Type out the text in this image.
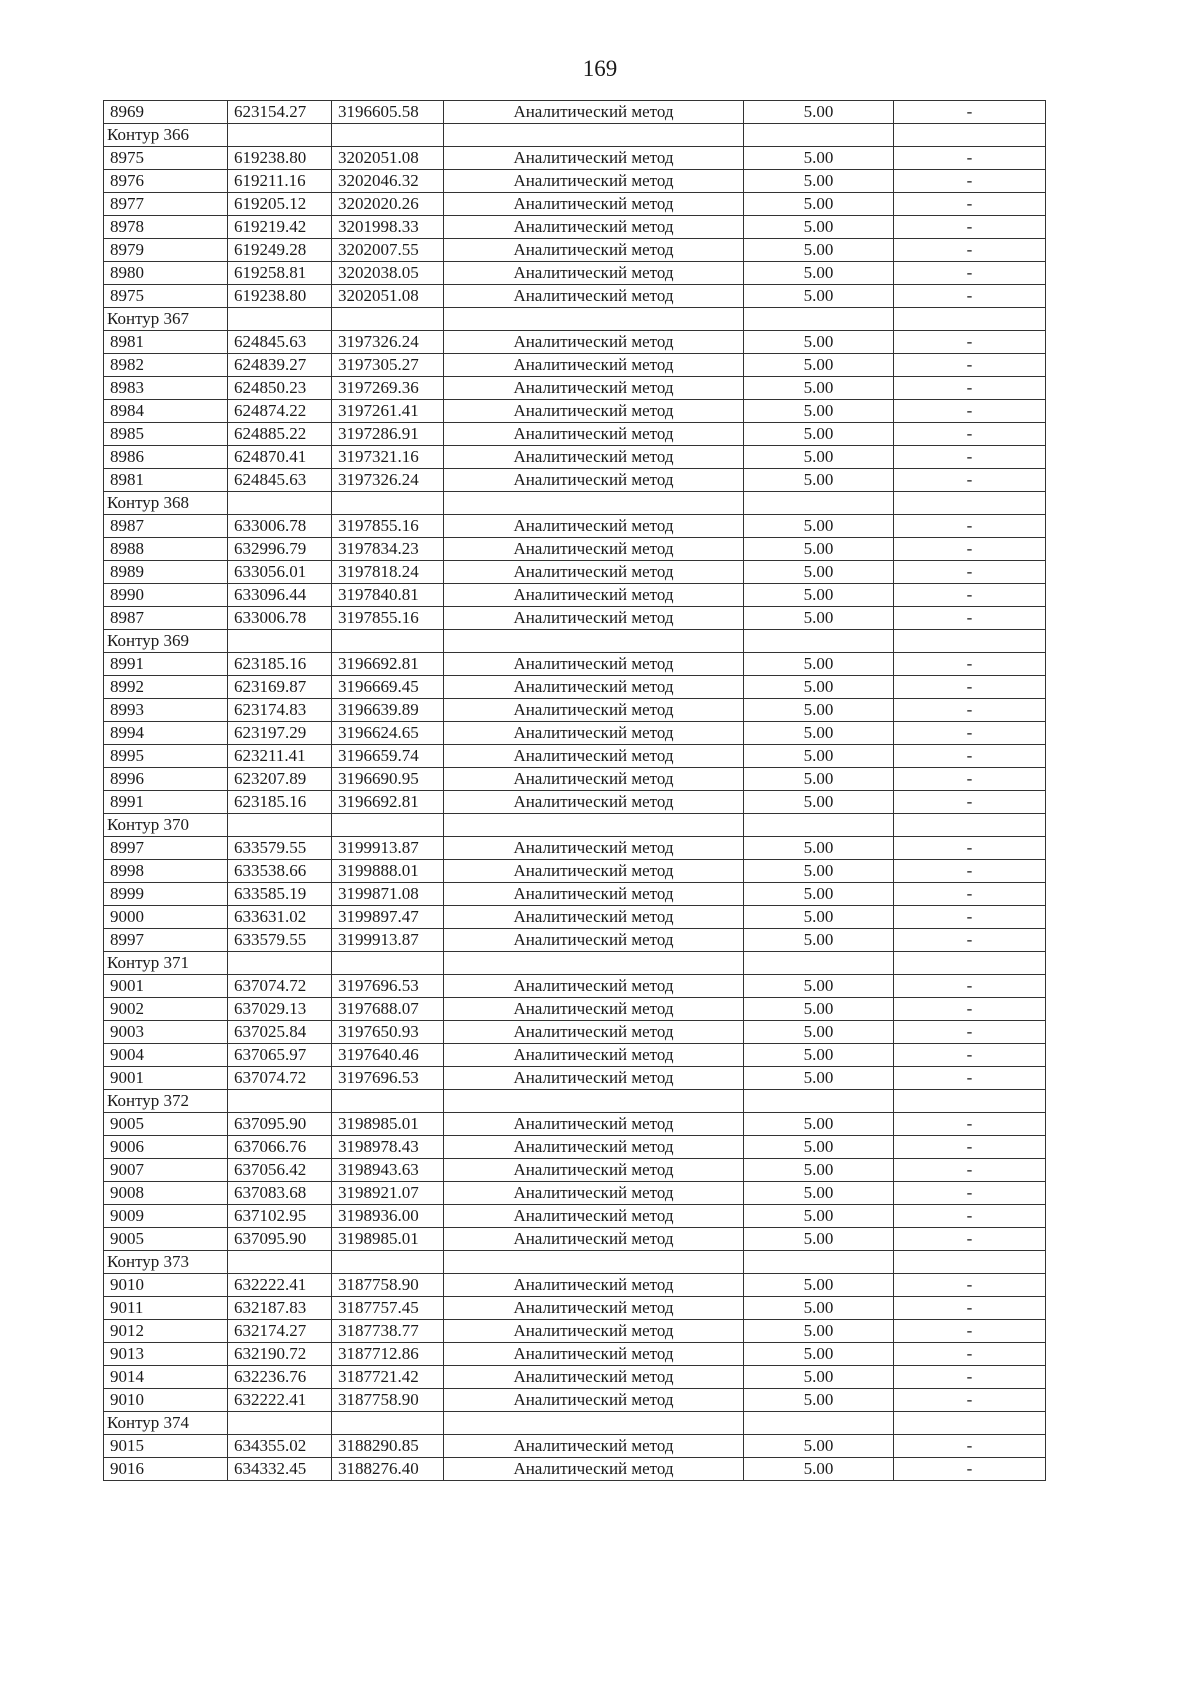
169
8969	623154.27	3196605.58	Аналитический метод	5.00	-
Контур 366					
8975	619238.80	3202051.08	Аналитический метод	5.00	-
8976	619211.16	3202046.32	Аналитический метод	5.00	-
8977	619205.12	3202020.26	Аналитический метод	5.00	-
8978	619219.42	3201998.33	Аналитический метод	5.00	-
8979	619249.28	3202007.55	Аналитический метод	5.00	-
8980	619258.81	3202038.05	Аналитический метод	5.00	-
8975	619238.80	3202051.08	Аналитический метод	5.00	-
Контур 367					
8981	624845.63	3197326.24	Аналитический метод	5.00	-
8982	624839.27	3197305.27	Аналитический метод	5.00	-
8983	624850.23	3197269.36	Аналитический метод	5.00	-
8984	624874.22	3197261.41	Аналитический метод	5.00	-
8985	624885.22	3197286.91	Аналитический метод	5.00	-
8986	624870.41	3197321.16	Аналитический метод	5.00	-
8981	624845.63	3197326.24	Аналитический метод	5.00	-
Контур 368					
8987	633006.78	3197855.16	Аналитический метод	5.00	-
8988	632996.79	3197834.23	Аналитический метод	5.00	-
8989	633056.01	3197818.24	Аналитический метод	5.00	-
8990	633096.44	3197840.81	Аналитический метод	5.00	-
8987	633006.78	3197855.16	Аналитический метод	5.00	-
Контур 369					
8991	623185.16	3196692.81	Аналитический метод	5.00	-
8992	623169.87	3196669.45	Аналитический метод	5.00	-
8993	623174.83	3196639.89	Аналитический метод	5.00	-
8994	623197.29	3196624.65	Аналитический метод	5.00	-
8995	623211.41	3196659.74	Аналитический метод	5.00	-
8996	623207.89	3196690.95	Аналитический метод	5.00	-
8991	623185.16	3196692.81	Аналитический метод	5.00	-
Контур 370					
8997	633579.55	3199913.87	Аналитический метод	5.00	-
8998	633538.66	3199888.01	Аналитический метод	5.00	-
8999	633585.19	3199871.08	Аналитический метод	5.00	-
9000	633631.02	3199897.47	Аналитический метод	5.00	-
8997	633579.55	3199913.87	Аналитический метод	5.00	-
Контур 371					
9001	637074.72	3197696.53	Аналитический метод	5.00	-
9002	637029.13	3197688.07	Аналитический метод	5.00	-
9003	637025.84	3197650.93	Аналитический метод	5.00	-
9004	637065.97	3197640.46	Аналитический метод	5.00	-
9001	637074.72	3197696.53	Аналитический метод	5.00	-
Контур 372					
9005	637095.90	3198985.01	Аналитический метод	5.00	-
9006	637066.76	3198978.43	Аналитический метод	5.00	-
9007	637056.42	3198943.63	Аналитический метод	5.00	-
9008	637083.68	3198921.07	Аналитический метод	5.00	-
9009	637102.95	3198936.00	Аналитический метод	5.00	-
9005	637095.90	3198985.01	Аналитический метод	5.00	-
Контур 373					
9010	632222.41	3187758.90	Аналитический метод	5.00	-
9011	632187.83	3187757.45	Аналитический метод	5.00	-
9012	632174.27	3187738.77	Аналитический метод	5.00	-
9013	632190.72	3187712.86	Аналитический метод	5.00	-
9014	632236.76	3187721.42	Аналитический метод	5.00	-
9010	632222.41	3187758.90	Аналитический метод	5.00	-
Контур 374					
9015	634355.02	3188290.85	Аналитический метод	5.00	-
9016	634332.45	3188276.40	Аналитический метод	5.00	-
